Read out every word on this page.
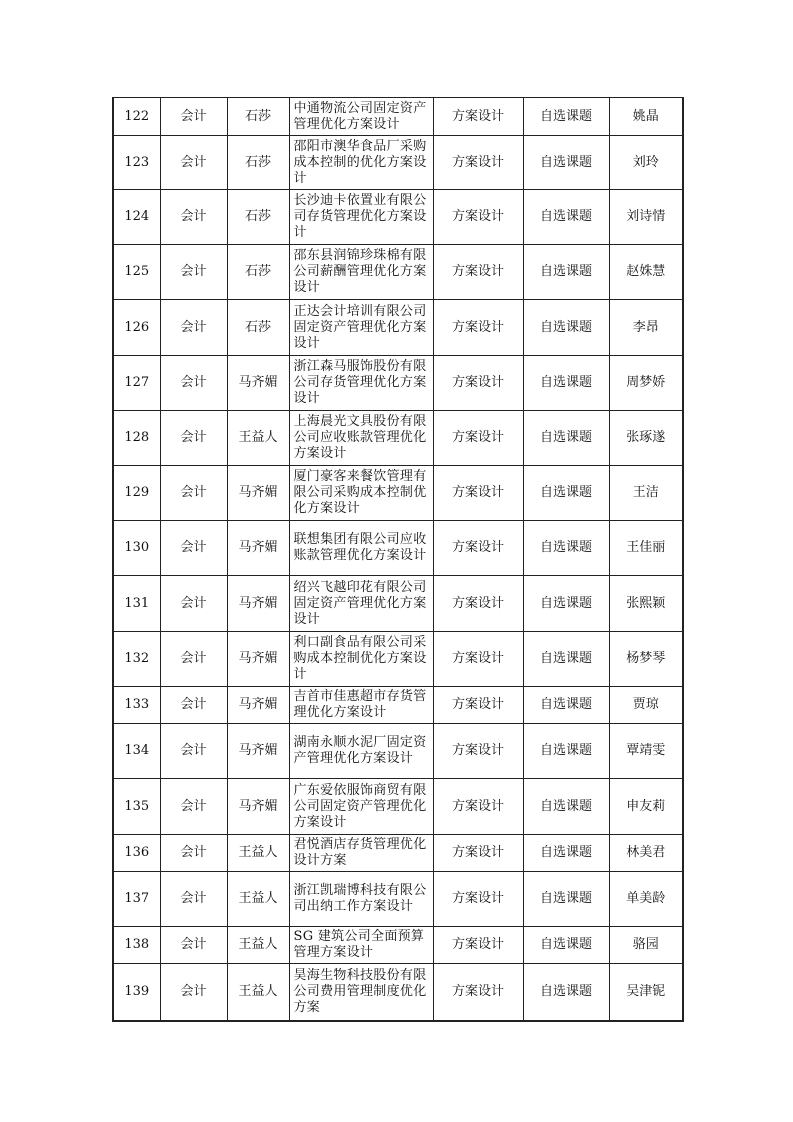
122	会计	石莎	中通物流公司固定资产管理优化方案设计	方案设计	自选课题	姚晶
123	会计	石莎	邵阳市澳华食品厂采购成本控制的优化方案设计	方案设计	自选课题	刘玲
124	会计	石莎	长沙迪卡依置业有限公司存货管理优化方案设计	方案设计	自选课题	刘诗情
125	会计	石莎	邵东县润锦珍珠棉有限公司薪酬管理优化方案设计	方案设计	自选课题	赵姝慧
126	会计	石莎	正达会计培训有限公司固定资产管理优化方案设计	方案设计	自选课题	李昂
127	会计	马齐媚	浙江森马服饰股份有限公司存货管理优化方案设计	方案设计	自选课题	周梦娇
128	会计	王益人	上海晨光文具股份有限公司应收账款管理优化方案设计	方案设计	自选课题	张琢遂
129	会计	马齐媚	厦门豪客来餐饮管理有限公司采购成本控制优化方案设计	方案设计	自选课题	王洁
130	会计	马齐媚	联想集团有限公司应收账款管理优化方案设计	方案设计	自选课题	王佳丽
131	会计	马齐媚	绍兴飞越印花有限公司固定资产管理优化方案设计	方案设计	自选课题	张熙颖
132	会计	马齐媚	利口副食品有限公司采购成本控制优化方案设计	方案设计	自选课题	杨梦琴
133	会计	马齐媚	吉首市佳惠超市存货管理优化方案设计	方案设计	自选课题	贾琼
134	会计	马齐媚	湖南永顺水泥厂固定资产管理优化方案设计	方案设计	自选课题	覃靖雯
135	会计	马齐媚	广东爱依服饰商贸有限公司固定资产管理优化方案设计	方案设计	自选课题	申友莉
136	会计	王益人	君悦酒店存货管理优化设计方案	方案设计	自选课题	林美君
137	会计	王益人	浙江凯瑞博科技有限公司出纳工作方案设计	方案设计	自选课题	单美龄
138	会计	王益人	SG 建筑公司全面预算管理方案设计	方案设计	自选课题	骆园
139	会计	王益人	昊海生物科技股份有限公司费用管理制度优化方案	方案设计	自选课题	吴津铌
